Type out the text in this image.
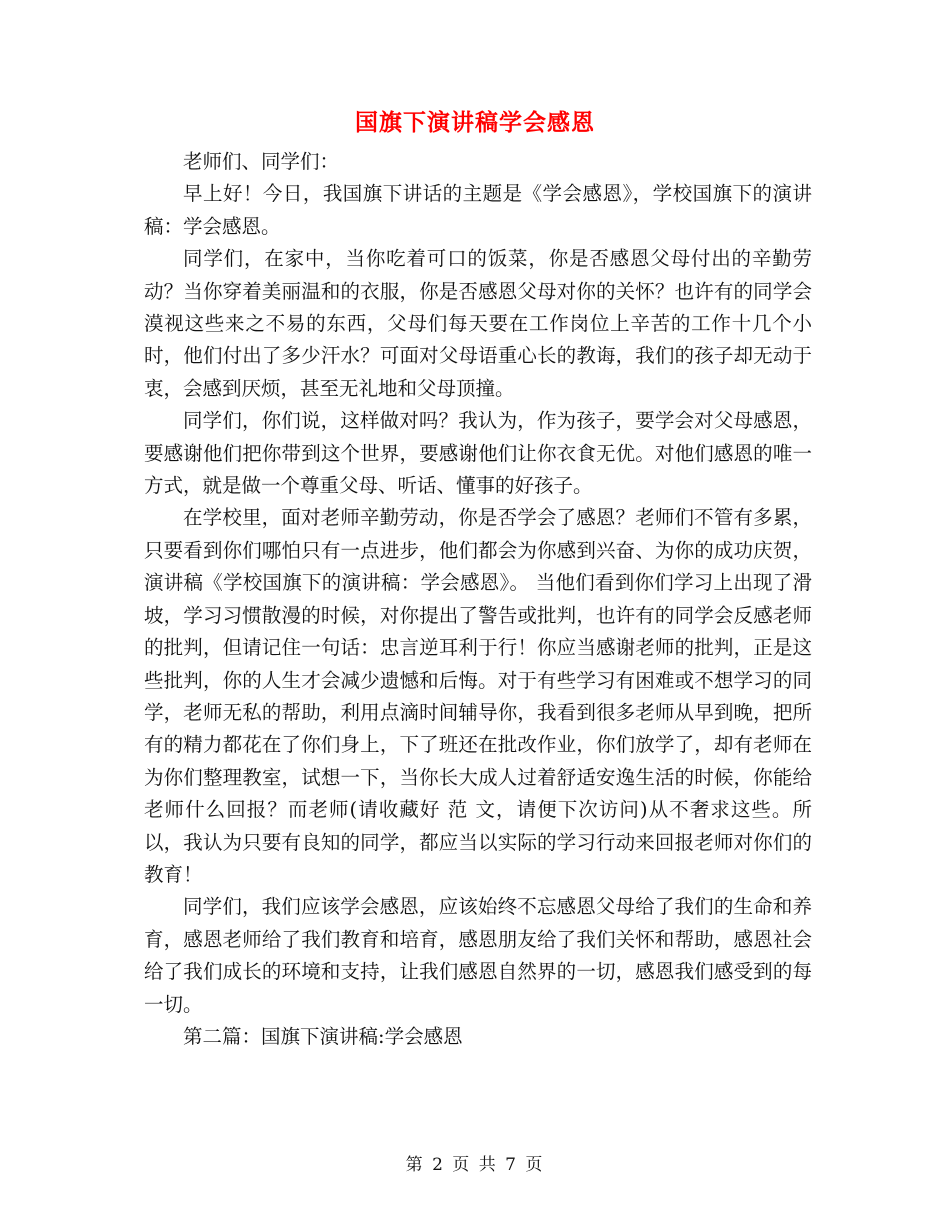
国旗下演讲稿学会感恩

老师们、同学们：

早上好！今日，我国旗下讲话的主题是《学会感恩》，学校国旗下的演讲稿：学会感恩。

同学们，在家中，当你吃着可口的饭菜，你是否感恩父母付出的辛勤劳动？当你穿着美丽温和的衣服，你是否感恩父母对你的关怀？也许有的同学会漠视这些来之不易的东西，父母们每天要在工作岗位上辛苦的工作十几个小时，他们付出了多少汗水？可面对父母语重心长的教诲，我们的孩子却无动于衷，会感到厌烦，甚至无礼地和父母顶撞。

同学们，你们说，这样做对吗？我认为，作为孩子，要学会对父母感恩，要感谢他们把你带到这个世界，要感谢他们让你衣食无优。对他们感恩的唯一方式，就是做一个尊重父母、听话、懂事的好孩子。

在学校里，面对老师辛勤劳动，你是否学会了感恩？老师们不管有多累，只要看到你们哪怕只有一点进步，他们都会为你感到兴奋、为你的成功庆贺，演讲稿《学校国旗下的演讲稿：学会感恩》。 当他们看到你们学习上出现了滑坡，学习习惯散漫的时候，对你提出了警告或批判，也许有的同学会反感老师的批判，但请记住一句话：忠言逆耳利于行！你应当感谢老师的批判，正是这些批判，你的人生才会减少遗憾和后悔。对于有些学习有困难或不想学习的同学，老师无私的帮助，利用点滴时间辅导你，我看到很多老师从早到晚，把所有的精力都花在了你们身上，下了班还在批改作业，你们放学了，却有老师在为你们整理教室，试想一下，当你长大成人过着舒适安逸生活的时候，你能给老师什么回报？而老师(请收藏好 范 文，请便下次访问)从不奢求这些。所以，我认为只要有良知的同学，都应当以实际的学习行动来回报老师对你们的教育！

同学们，我们应该学会感恩，应该始终不忘感恩父母给了我们的生命和养育，感恩老师给了我们教育和培育，感恩朋友给了我们关怀和帮助，感恩社会给了我们成长的环境和支持，让我们感恩自然界的一切，感恩我们感受到的每一切。

第二篇：国旗下演讲稿:学会感恩

第 2 页 共 7 页
